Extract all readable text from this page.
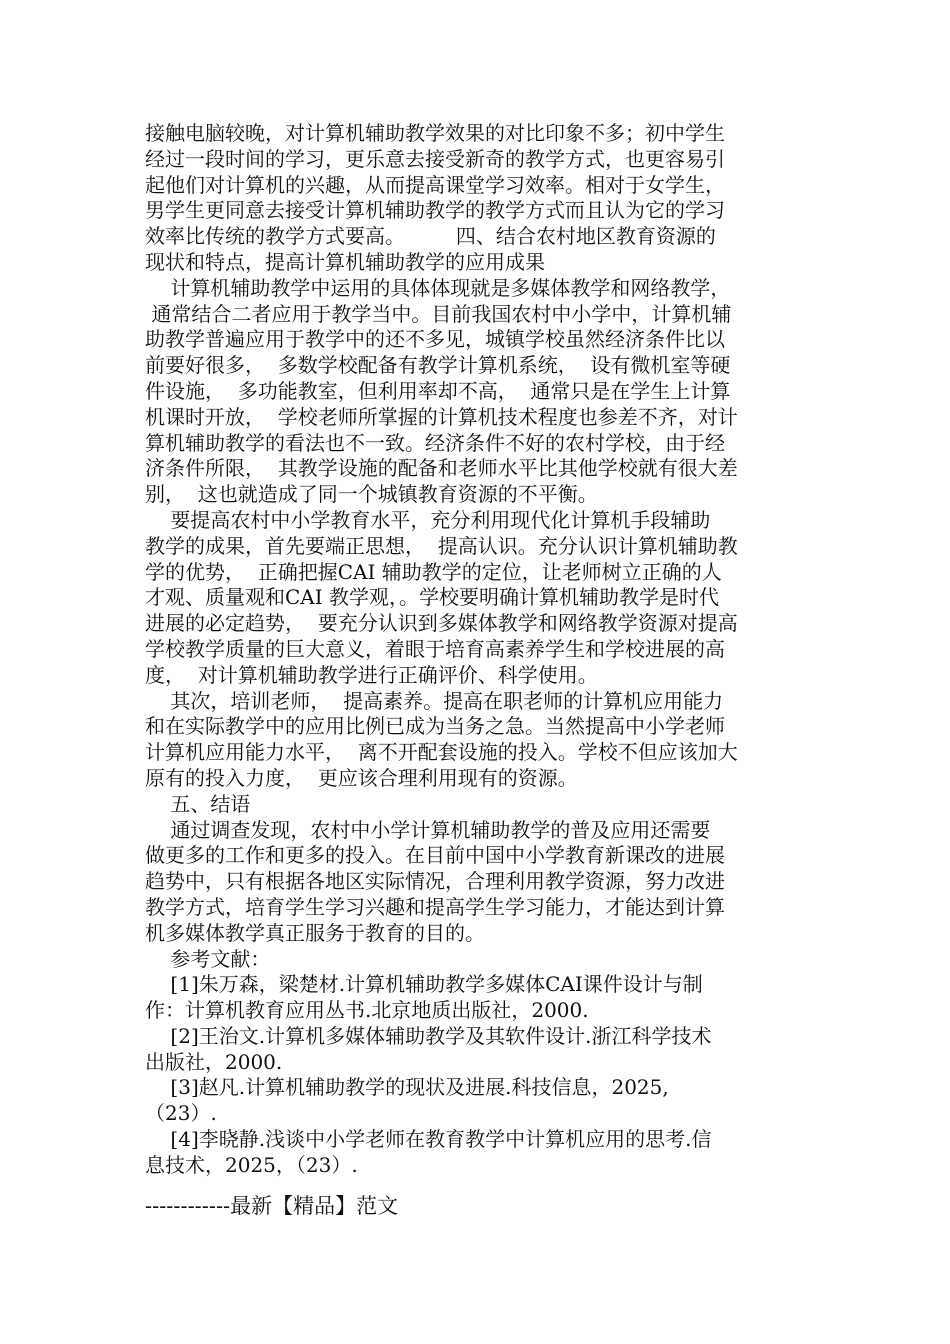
接触电脑较晚，对计算机辅助教学效果的对比印象不多；初中学生
经过一段时间的学习，更乐意去接受新奇的教学方式，也更容易引
起他们对计算机的兴趣，从而提高课堂学习效率。相对于女学生，
男学生更同意去接受计算机辅助教学的教学方式而且认为它的学习
效率比传统的教学方式要高。        四、结合农村地区教育资源的
现状和特点，提高计算机辅助教学的应用成果
计算机辅助教学中运用的具体体现就是多媒体教学和网络教学，
通常结合二者应用于教学当中。目前我国农村中小学中，计算机辅
助教学普遍应用于教学中的还不多见，城镇学校虽然经济条件比以
前要好很多，  多数学校配备有教学计算机系统，  设有微机室等硬
件设施，  多功能教室，但利用率却不高，  通常只是在学生上计算
机课时开放，  学校老师所掌握的计算机技术程度也参差不齐，对计
算机辅助教学的看法也不一致。经济条件不好的农村学校，由于经
济条件所限，  其教学设施的配备和老师水平比其他学校就有很大差
别，  这也就造成了同一个城镇教育资源的不平衡。
要提高农村中小学教育水平，充分利用现代化计算机手段辅助
教学的成果，首先要端正思想，  提高认识。充分认识计算机辅助教
学的优势，  正确把握CAI 辅助教学的定位，让老师树立正确的人
才观、质量观和CAI 教学观，。学校要明确计算机辅助教学是时代
进展的必定趋势，  要充分认识到多媒体教学和网络教学资源对提高
学校教学质量的巨大意义，着眼于培育高素养学生和学校进展的高
度，  对计算机辅助教学进行正确评价、科学使用。
其次，培训老师，  提高素养。提高在职老师的计算机应用能力
和在实际教学中的应用比例已成为当务之急。当然提高中小学老师
计算机应用能力水平，  离不开配套设施的投入。学校不但应该加大
原有的投入力度，  更应该合理利用现有的资源。
五、结语
通过调查发现，农村中小学计算机辅助教学的普及应用还需要
做更多的工作和更多的投入。在目前中国中小学教育新课改的进展
趋势中，只有根据各地区实际情况，合理利用教学资源，努力改进
教学方式，培育学生学习兴趣和提高学生学习能力，才能达到计算
机多媒体教学真正服务于教育的目的。
参考文献：
[1]朱万森，梁楚材.计算机辅助教学多媒体CAI课件设计与制
作：计算机教育应用丛书.北京地质出版社，2000.
[2]王治文.计算机多媒体辅助教学及其软件设计.浙江科学技术
出版社，2000.
[3]赵凡.计算机辅助教学的现状及进展.科技信息，2025,
（23）.
[4]李晓静.浅谈中小学老师在教育教学中计算机应用的思考.信
息技术，2025，（23）.
------------最新【精品】范文
